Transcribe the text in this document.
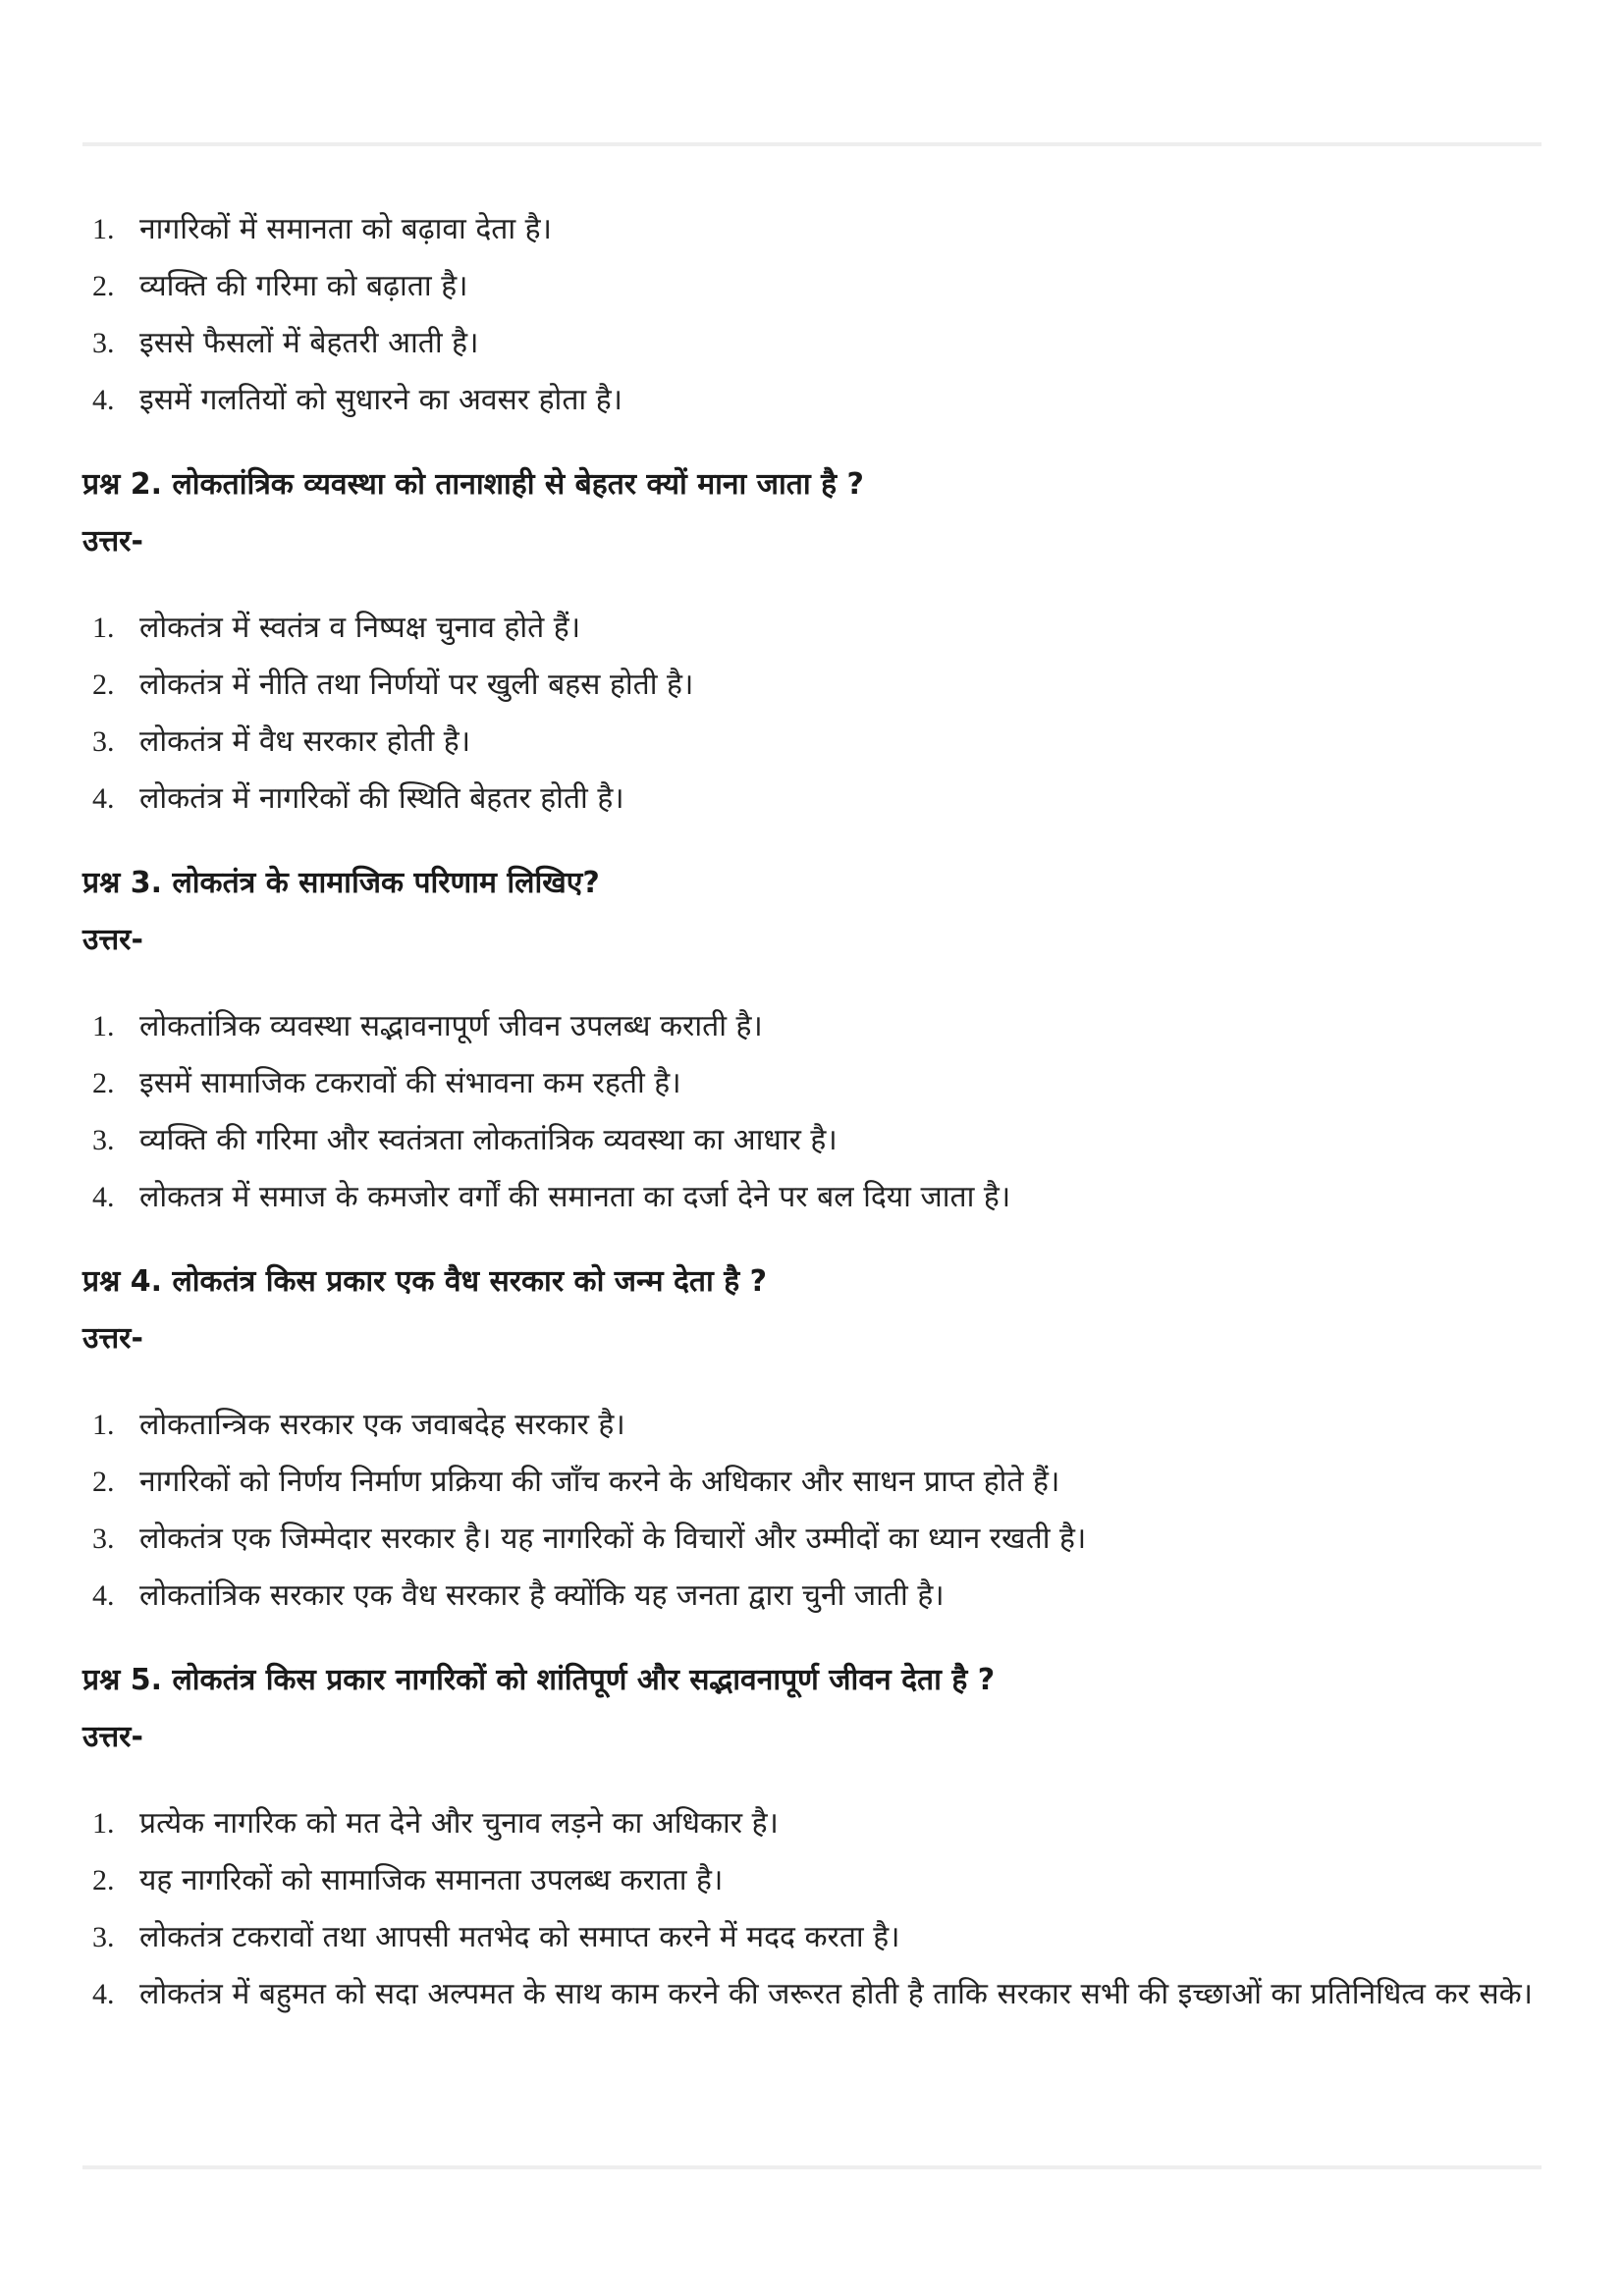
1. नागरिकों में समानता को बढ़ावा देता है।
2. व्यक्ति की गरिमा को बढ़ाता है।
3. इससे फैसलों में बेहतरी आती है।
4. इसमें गलतियों को सुधारने का अवसर होता है।
प्रश्न 2. लोकतांत्रिक व्यवस्था को तानाशाही से बेहतर क्यों माना जाता है ?
उत्तर-
1. लोकतंत्र में स्वतंत्र व निष्पक्ष चुनाव होते हैं।
2. लोकतंत्र में नीति तथा निर्णयों पर खुली बहस होती है।
3. लोकतंत्र में वैध सरकार होती है।
4. लोकतंत्र में नागरिकों की स्थिति बेहतर होती है।
प्रश्न 3. लोकतंत्र के सामाजिक परिणाम लिखिए?
उत्तर-
1. लोकतांत्रिक व्यवस्था सद्भावनापूर्ण जीवन उपलब्ध कराती है।
2. इसमें सामाजिक टकरावों की संभावना कम रहती है।
3. व्यक्ति की गरिमा और स्वतंत्रता लोकतांत्रिक व्यवस्था का आधार है।
4. लोकतत्र में समाज के कमजोर वर्गों की समानता का दर्जा देने पर बल दिया जाता है।
प्रश्न 4. लोकतंत्र किस प्रकार एक वैध सरकार को जन्म देता है ?
उत्तर-
1. लोकतान्त्रिक सरकार एक जवाबदेह सरकार है।
2. नागरिकों को निर्णय निर्माण प्रक्रिया की जाँच करने के अधिकार और साधन प्राप्त होते हैं।
3. लोकतंत्र एक जिम्मेदार सरकार है। यह नागरिकों के विचारों और उम्मीदों का ध्यान रखती है।
4. लोकतांत्रिक सरकार एक वैध सरकार है क्योंकि यह जनता द्वारा चुनी जाती है।
प्रश्न 5. लोकतंत्र किस प्रकार नागरिकों को शांतिपूर्ण और सद्भावनापूर्ण जीवन देता है ?
उत्तर-
1. प्रत्येक नागरिक को मत देने और चुनाव लड़ने का अधिकार है।
2. यह नागरिकों को सामाजिक समानता उपलब्ध कराता है।
3. लोकतंत्र टकरावों तथा आपसी मतभेद को समाप्त करने में मदद करता है।
4. लोकतंत्र में बहुमत को सदा अल्पमत के साथ काम करने की जरूरत होती है ताकि सरकार सभी की इच्छाओं का प्रतिनिधित्व कर सके।
